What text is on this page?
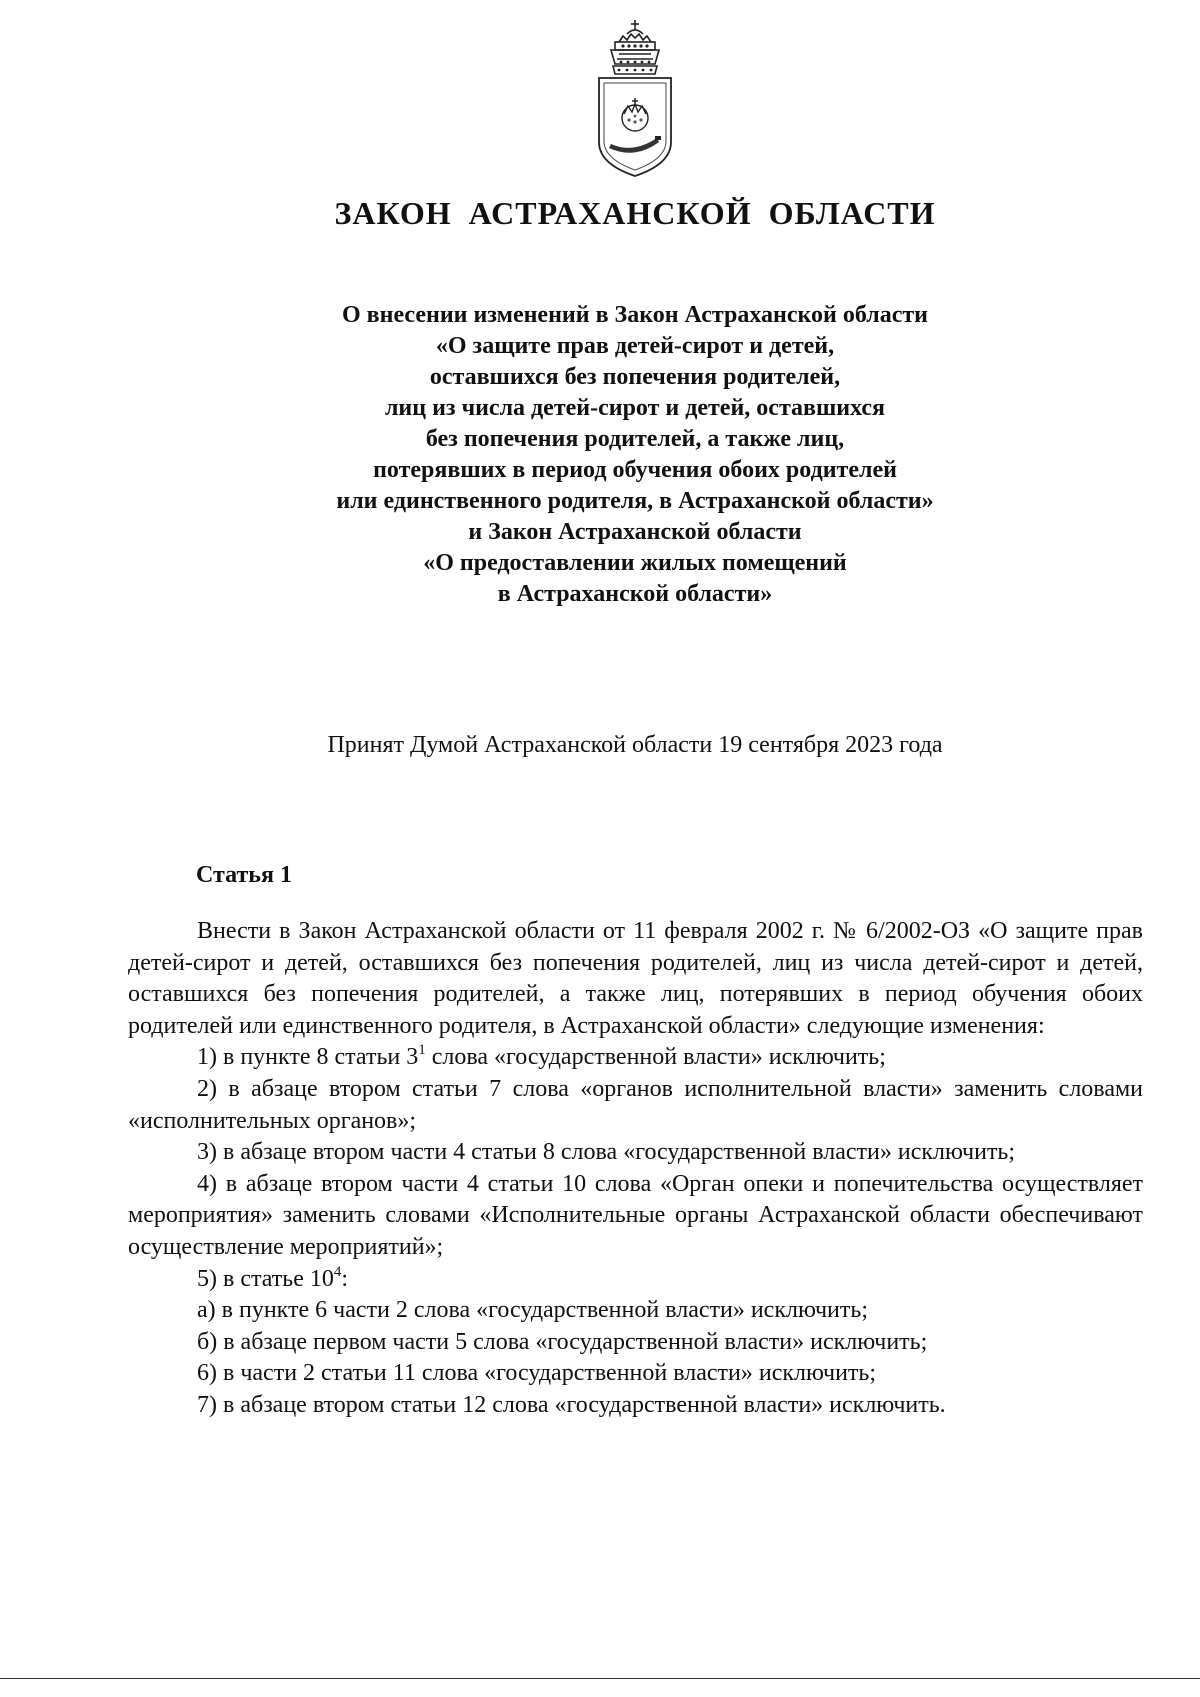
ЗАКОН АСТРАХАНСКОЙ ОБЛАСТИ
О внесении изменений в Закон Астраханской области
«О защите прав детей-сирот и детей,
оставшихся без попечения родителей,
лиц из числа детей-сирот и детей, оставшихся
без попечения родителей, а также лиц,
потерявших в период обучения обоих родителей
или единственного родителя, в Астраханской области»
и Закон Астраханской области
«О предоставлении жилых помещений
в Астраханской области»
Принят Думой Астраханской области 19 сентября 2023 года
Статья 1

Внести в Закон Астраханской области от 11 февраля 2002 г. № 6/2002-ОЗ «О защите прав детей-сирот и детей, оставшихся без попечения родителей, лиц из числа детей-сирот и детей, оставшихся без попечения родителей, а также лиц, потерявших в период обучения обоих родителей или единственного родителя, в Астраханской области» следующие изменения:

1) в пункте 8 статьи $3^1$ слова «государственной власти» исключить;

2) в абзаце втором статьи 7 слова «органов исполнительной власти» заменить словами «исполнительных органов»;

3) в абзаце втором части 4 статьи 8 слова «государственной власти» исключить;

4) в абзаце втором части 4 статьи 10 слова «Орган опеки и попечительства осуществляет мероприятия» заменить словами «Исполнительные органы Астраханской области обеспечивают осуществление мероприятий»;

5) в статье $10^4$:

а) в пункте 6 части 2 слова «государственной власти» исключить;

б) в абзаце первом части 5 слова «государственной власти» исключить;

6) в части 2 статьи 11 слова «государственной власти» исключить;

7) в абзаце втором статьи 12 слова «государственной власти» исключить.
